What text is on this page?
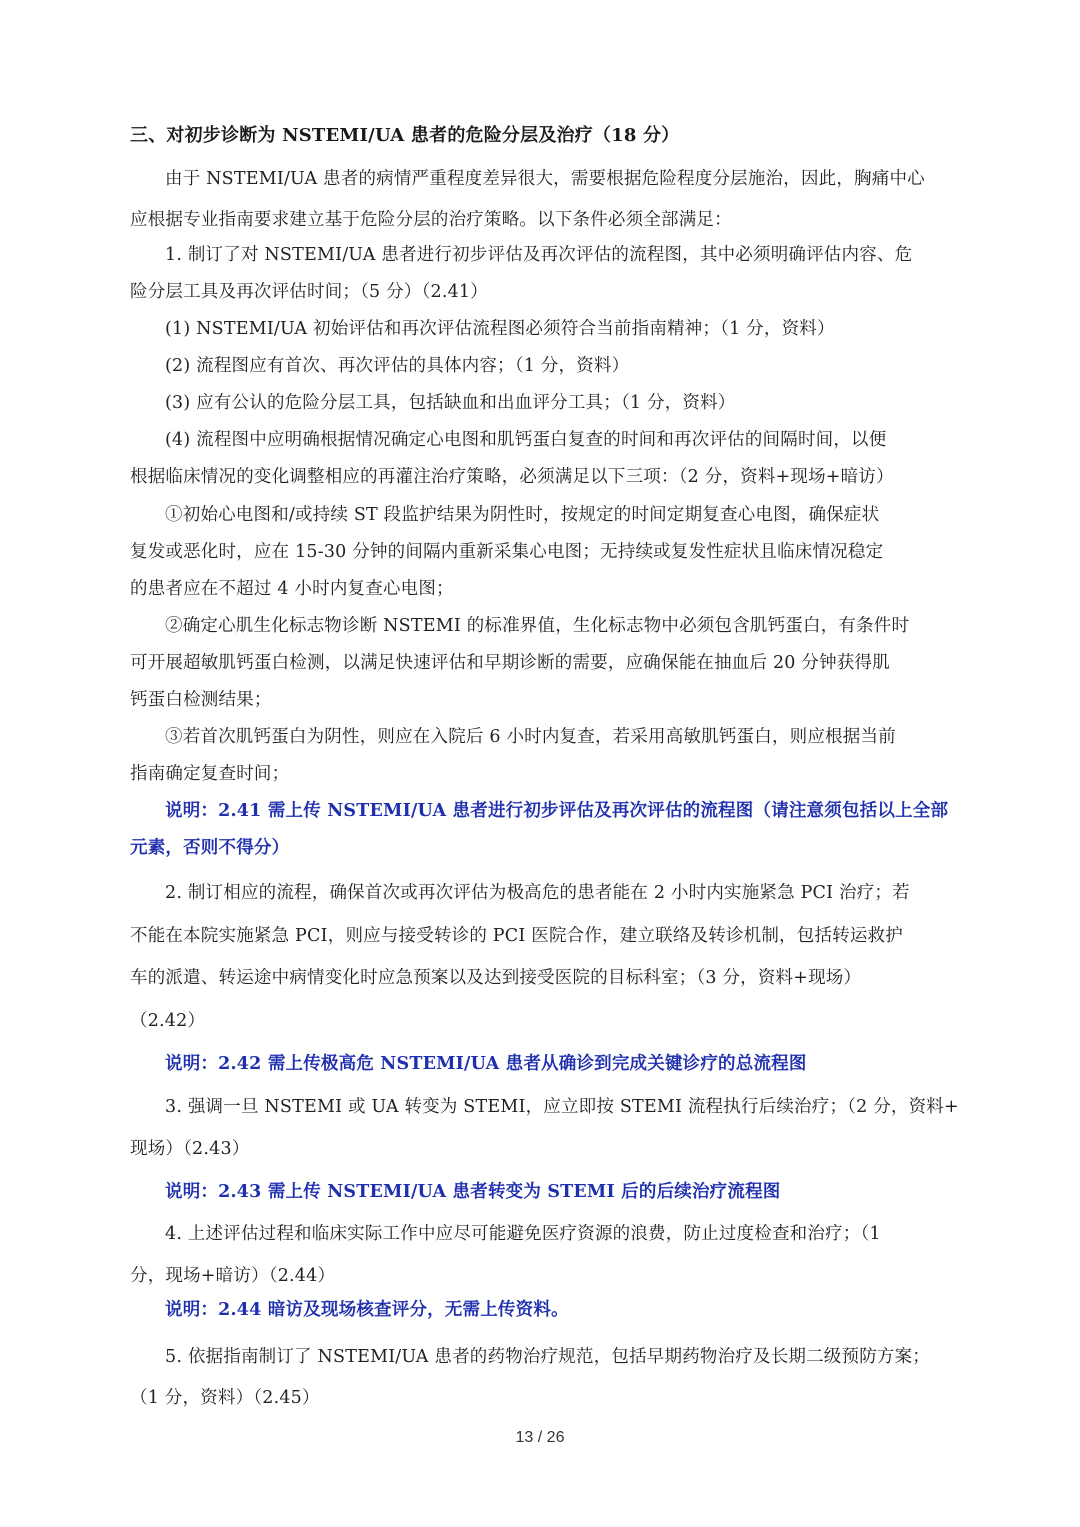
三、对初步诊断为 NSTEMI/UA 患者的危险分层及治疗（18 分）
由于 NSTEMI/UA 患者的病情严重程度差异很大，需要根据危险程度分层施治，因此，胸痛中心
应根据专业指南要求建立基于危险分层的治疗策略。以下条件必须全部满足：
1. 制订了对 NSTEMI/UA 患者进行初步评估及再次评估的流程图，其中必须明确评估内容、危
险分层工具及再次评估时间；（5 分）（2.41）
(1) NSTEMI/UA 初始评估和再次评估流程图必须符合当前指南精神；（1 分，资料）
(2) 流程图应有首次、再次评估的具体内容；（1 分，资料）
(3) 应有公认的危险分层工具，包括缺血和出血评分工具；（1 分，资料）
(4) 流程图中应明确根据情况确定心电图和肌钙蛋白复查的时间和再次评估的间隔时间，以便
根据临床情况的变化调整相应的再灌注治疗策略，必须满足以下三项：（2 分，资料+现场+暗访）
①初始心电图和/或持续 ST 段监护结果为阴性时，按规定的时间定期复查心电图，确保症状
复发或恶化时，应在 15-30 分钟的间隔内重新采集心电图；无持续或复发性症状且临床情况稳定
的患者应在不超过 4 小时内复查心电图；
②确定心肌生化标志物诊断 NSTEMI 的标准界值，生化标志物中必须包含肌钙蛋白，有条件时
可开展超敏肌钙蛋白检测，以满足快速评估和早期诊断的需要，应确保能在抽血后 20 分钟获得肌
钙蛋白检测结果；
③若首次肌钙蛋白为阴性，则应在入院后 6 小时内复查，若采用高敏肌钙蛋白，则应根据当前
指南确定复查时间；
说明：2.41 需上传 NSTEMI/UA 患者进行初步评估及再次评估的流程图（请注意须包括以上全部
元素，否则不得分）
2. 制订相应的流程，确保首次或再次评估为极高危的患者能在 2 小时内实施紧急 PCI 治疗；若
不能在本院实施紧急 PCI，则应与接受转诊的 PCI 医院合作，建立联络及转诊机制，包括转运救护
车的派遣、转运途中病情变化时应急预案以及达到接受医院的目标科室；（3 分，资料+现场）
（2.42）
说明：2.42 需上传极高危 NSTEMI/UA 患者从确诊到完成关键诊疗的总流程图
3. 强调一旦 NSTEMI 或 UA 转变为 STEMI，应立即按 STEMI 流程执行后续治疗；（2 分，资料+
现场）（2.43）
说明：2.43 需上传 NSTEMI/UA 患者转变为 STEMI 后的后续治疗流程图
4. 上述评估过程和临床实际工作中应尽可能避免医疗资源的浪费，防止过度检查和治疗；（1
分，现场+暗访）（2.44）
说明：2.44 暗访及现场核查评分，无需上传资料。
5. 依据指南制订了 NSTEMI/UA 患者的药物治疗规范，包括早期药物治疗及长期二级预防方案；
（1 分，资料）（2.45）
13 / 26
